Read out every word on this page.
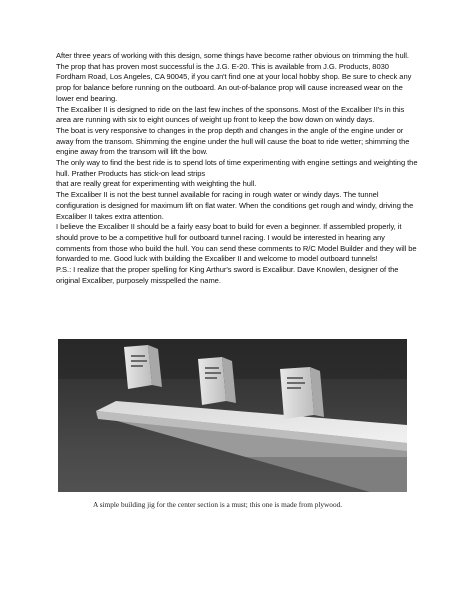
After three years of working with this design, some things have become rather obvious on trimming the hull. The prop that has proven most successful is the J.G. E-20. This is available from J.G. Products, 8030 Fordham Road, Los Angeles, CA 90045, if you can't find one at your local hobby shop. Be sure to check any prop for balance before running on the outboard. An out-of-balance prop will cause increased wear on the lower end bearing.

The Excaliber II is designed to ride on the last few inches of the sponsons. Most of the Excaliber II's in this area are running with six to eight ounces of weight up front to keep the bow down on windy days.

The boat is very responsive to changes in the prop depth and changes in the angle of the engine under or away from the transom. Shimming the engine under the hull will cause the boat to ride wetter; shimming the engine away from the transom will lift the bow.

The only way to find the best ride is to spend lots of time experimenting with engine settings and weighting the hull. Prather Products has stick-on lead strips

that are really great for experimenting with weighting the hull.

The Excaliber II is not the best tunnel available for racing in rough water or windy days. The tunnel configuration is designed for maximum lift on flat water. When the conditions get rough and windy, driving the Excaliber II takes extra attention.

I believe the Excaliber II should be a fairly easy boat to build for even a beginner. If assembled properly, it should prove to be a competitive hull for outboard tunnel racing. I would be interested in hearing any comments from those who build the hull. You can send these comments to R/C Model Builder and they will be forwarded to me. Good luck with building the Excaliber II and welcome to model outboard tunnels!

P.S.: I realize that the proper spelling for King Arthur's sword is Excalibur. Dave Knowlen, designer of the original Excaliber, purposely misspelled the name.

A simple building jig for the center section is a must; this one is made from plywood.
